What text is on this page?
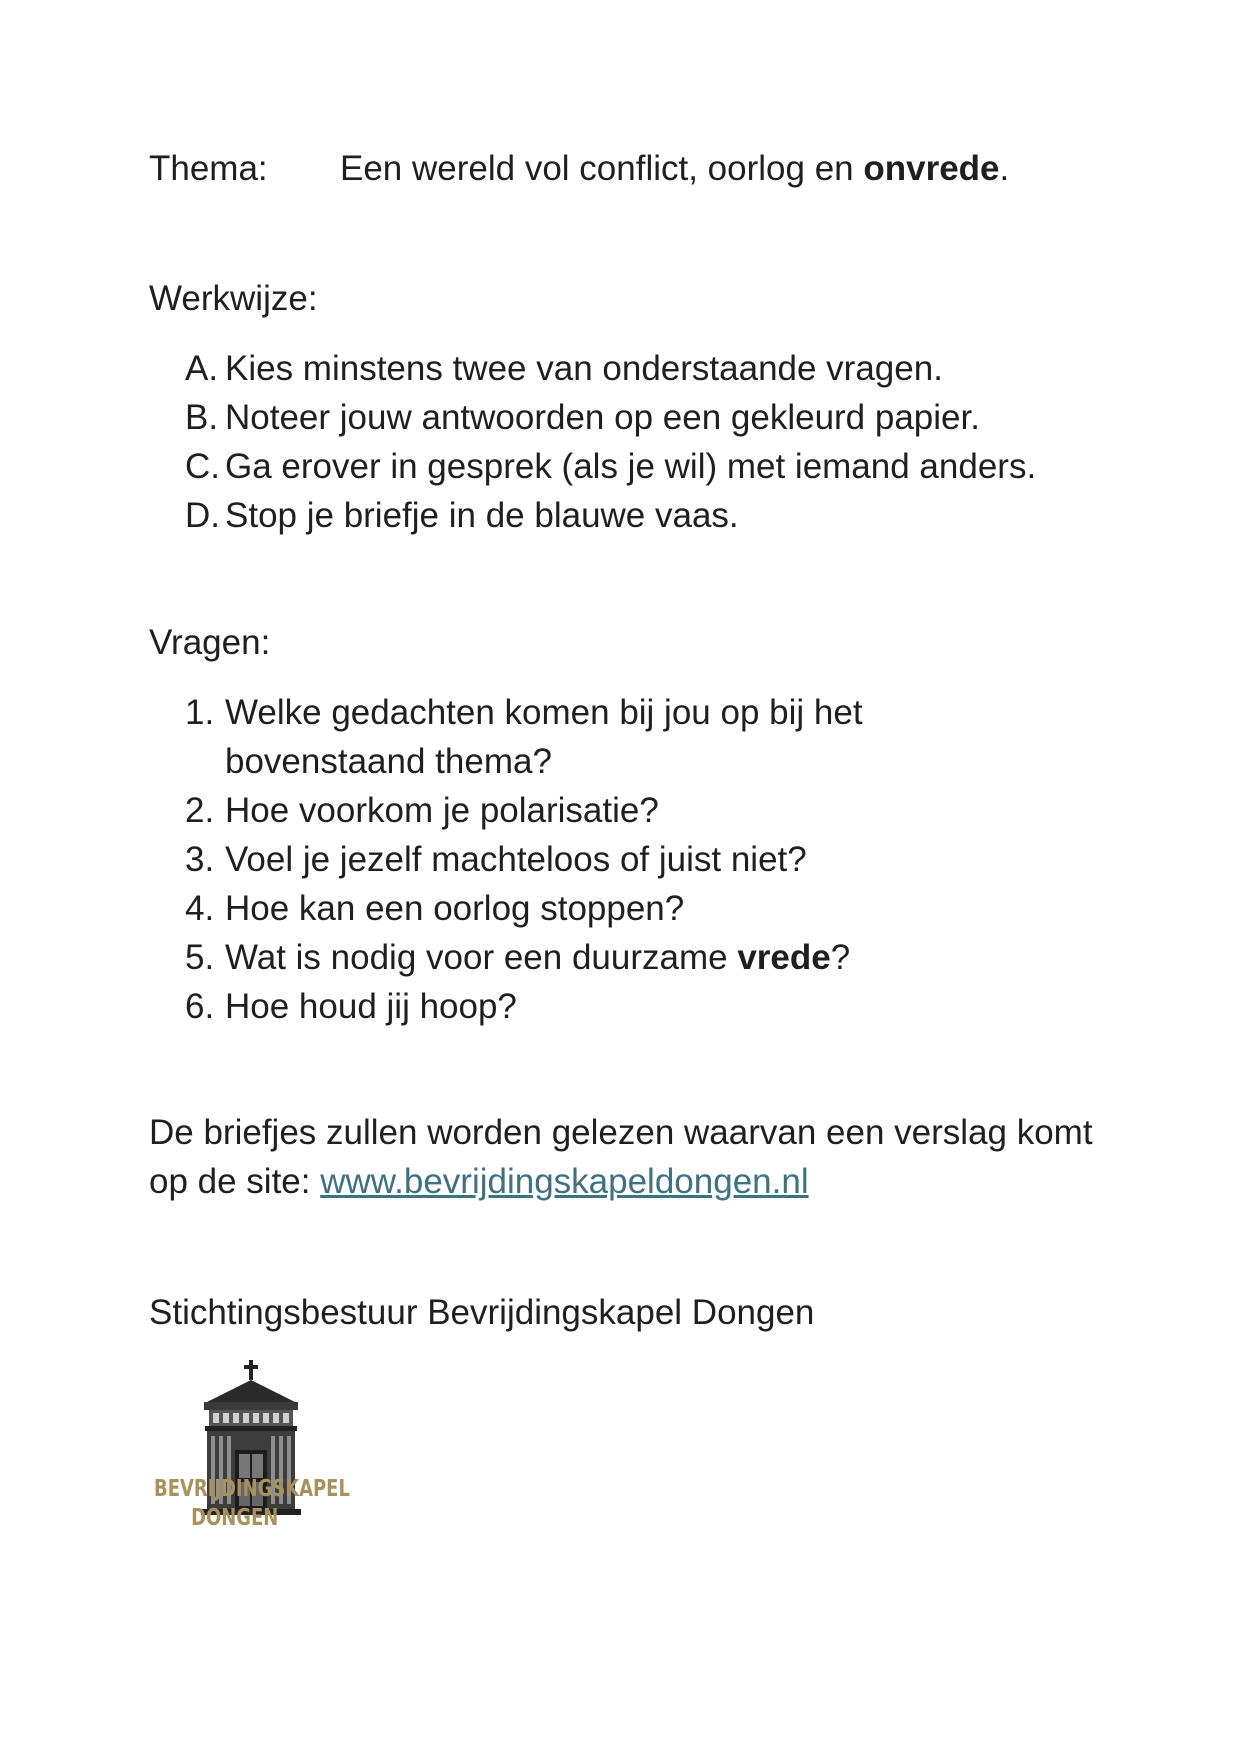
Thema: Een wereld vol conflict, oorlog en onvrede.
Werkwijze:
A. Kies minstens twee van onderstaande vragen.
B. Noteer jouw antwoorden op een gekleurd papier.
C. Ga erover in gesprek (als je wil) met iemand anders.
D. Stop je briefje in de blauwe vaas.
Vragen:
1. Welke gedachten komen bij jou op bij het bovenstaand thema?
2. Hoe voorkom je polarisatie?
3. Voel je jezelf machteloos of juist niet?
4. Hoe kan een oorlog stoppen?
5. Wat is nodig voor een duurzame vrede?
6. Hoe houd jij hoop?
De briefjes zullen worden gelezen waarvan een verslag komt op de site: www.bevrijdingskapeldongen.nl
Stichtingsbestuur Bevrijdingskapel Dongen
BEVRIJDINGSKAPEL
DONGEN
